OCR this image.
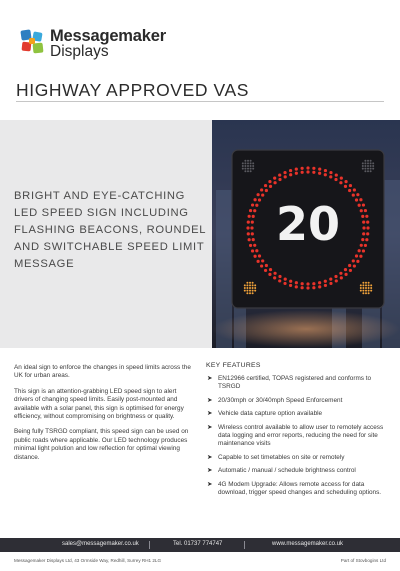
Messagemaker
Displays
HIGHWAY APPROVED VAS
BRIGHT AND EYE-CATCHING LED SPEED SIGN INCLUDING FLASHING BEACONS, ROUNDEL AND SWITCHABLE SPEED LIMIT MESSAGE
20

An ideal sign to enforce the changes in speed limits across the UK for urban areas.

This sign is an attention-grabbing LED speed sign to alert drivers of changing speed limits. Easily post-mounted and available with a solar panel, this sign is optimised for energy efficiency, without compromising on brightness or quality.

Being fully TSRGD compliant, this speed sign can be used on public roads where applicable. Our LED technology produces minimal light polution and low reflection for optimal viewing distance.

KEY FEATURES
➤ EN12966 certified, TOPAS registered and conforms to TSRGD
➤ 20/30mph or 30/40mph Speed Enforcement
➤ Vehicle data capture option available
➤ Wireless control available to allow user to remotely access data logging and error reports, reducing the need for site maintenance visits
➤ Capable to set timetables on site or remotely
➤ Automatic / manual / schedule brightness control
➤ 4G Modem Upgrade: Allows remote access for data download, trigger speed changes and scheduling options.
sales@messagemaker.co.uk	Tel. 01737 774747	www.messagemaker.co.uk
Messagemaker Displays Ltd, 43 Ormside Way, Redhill, Surrey RH1 2LG	Part of Stovbogins Ltd
